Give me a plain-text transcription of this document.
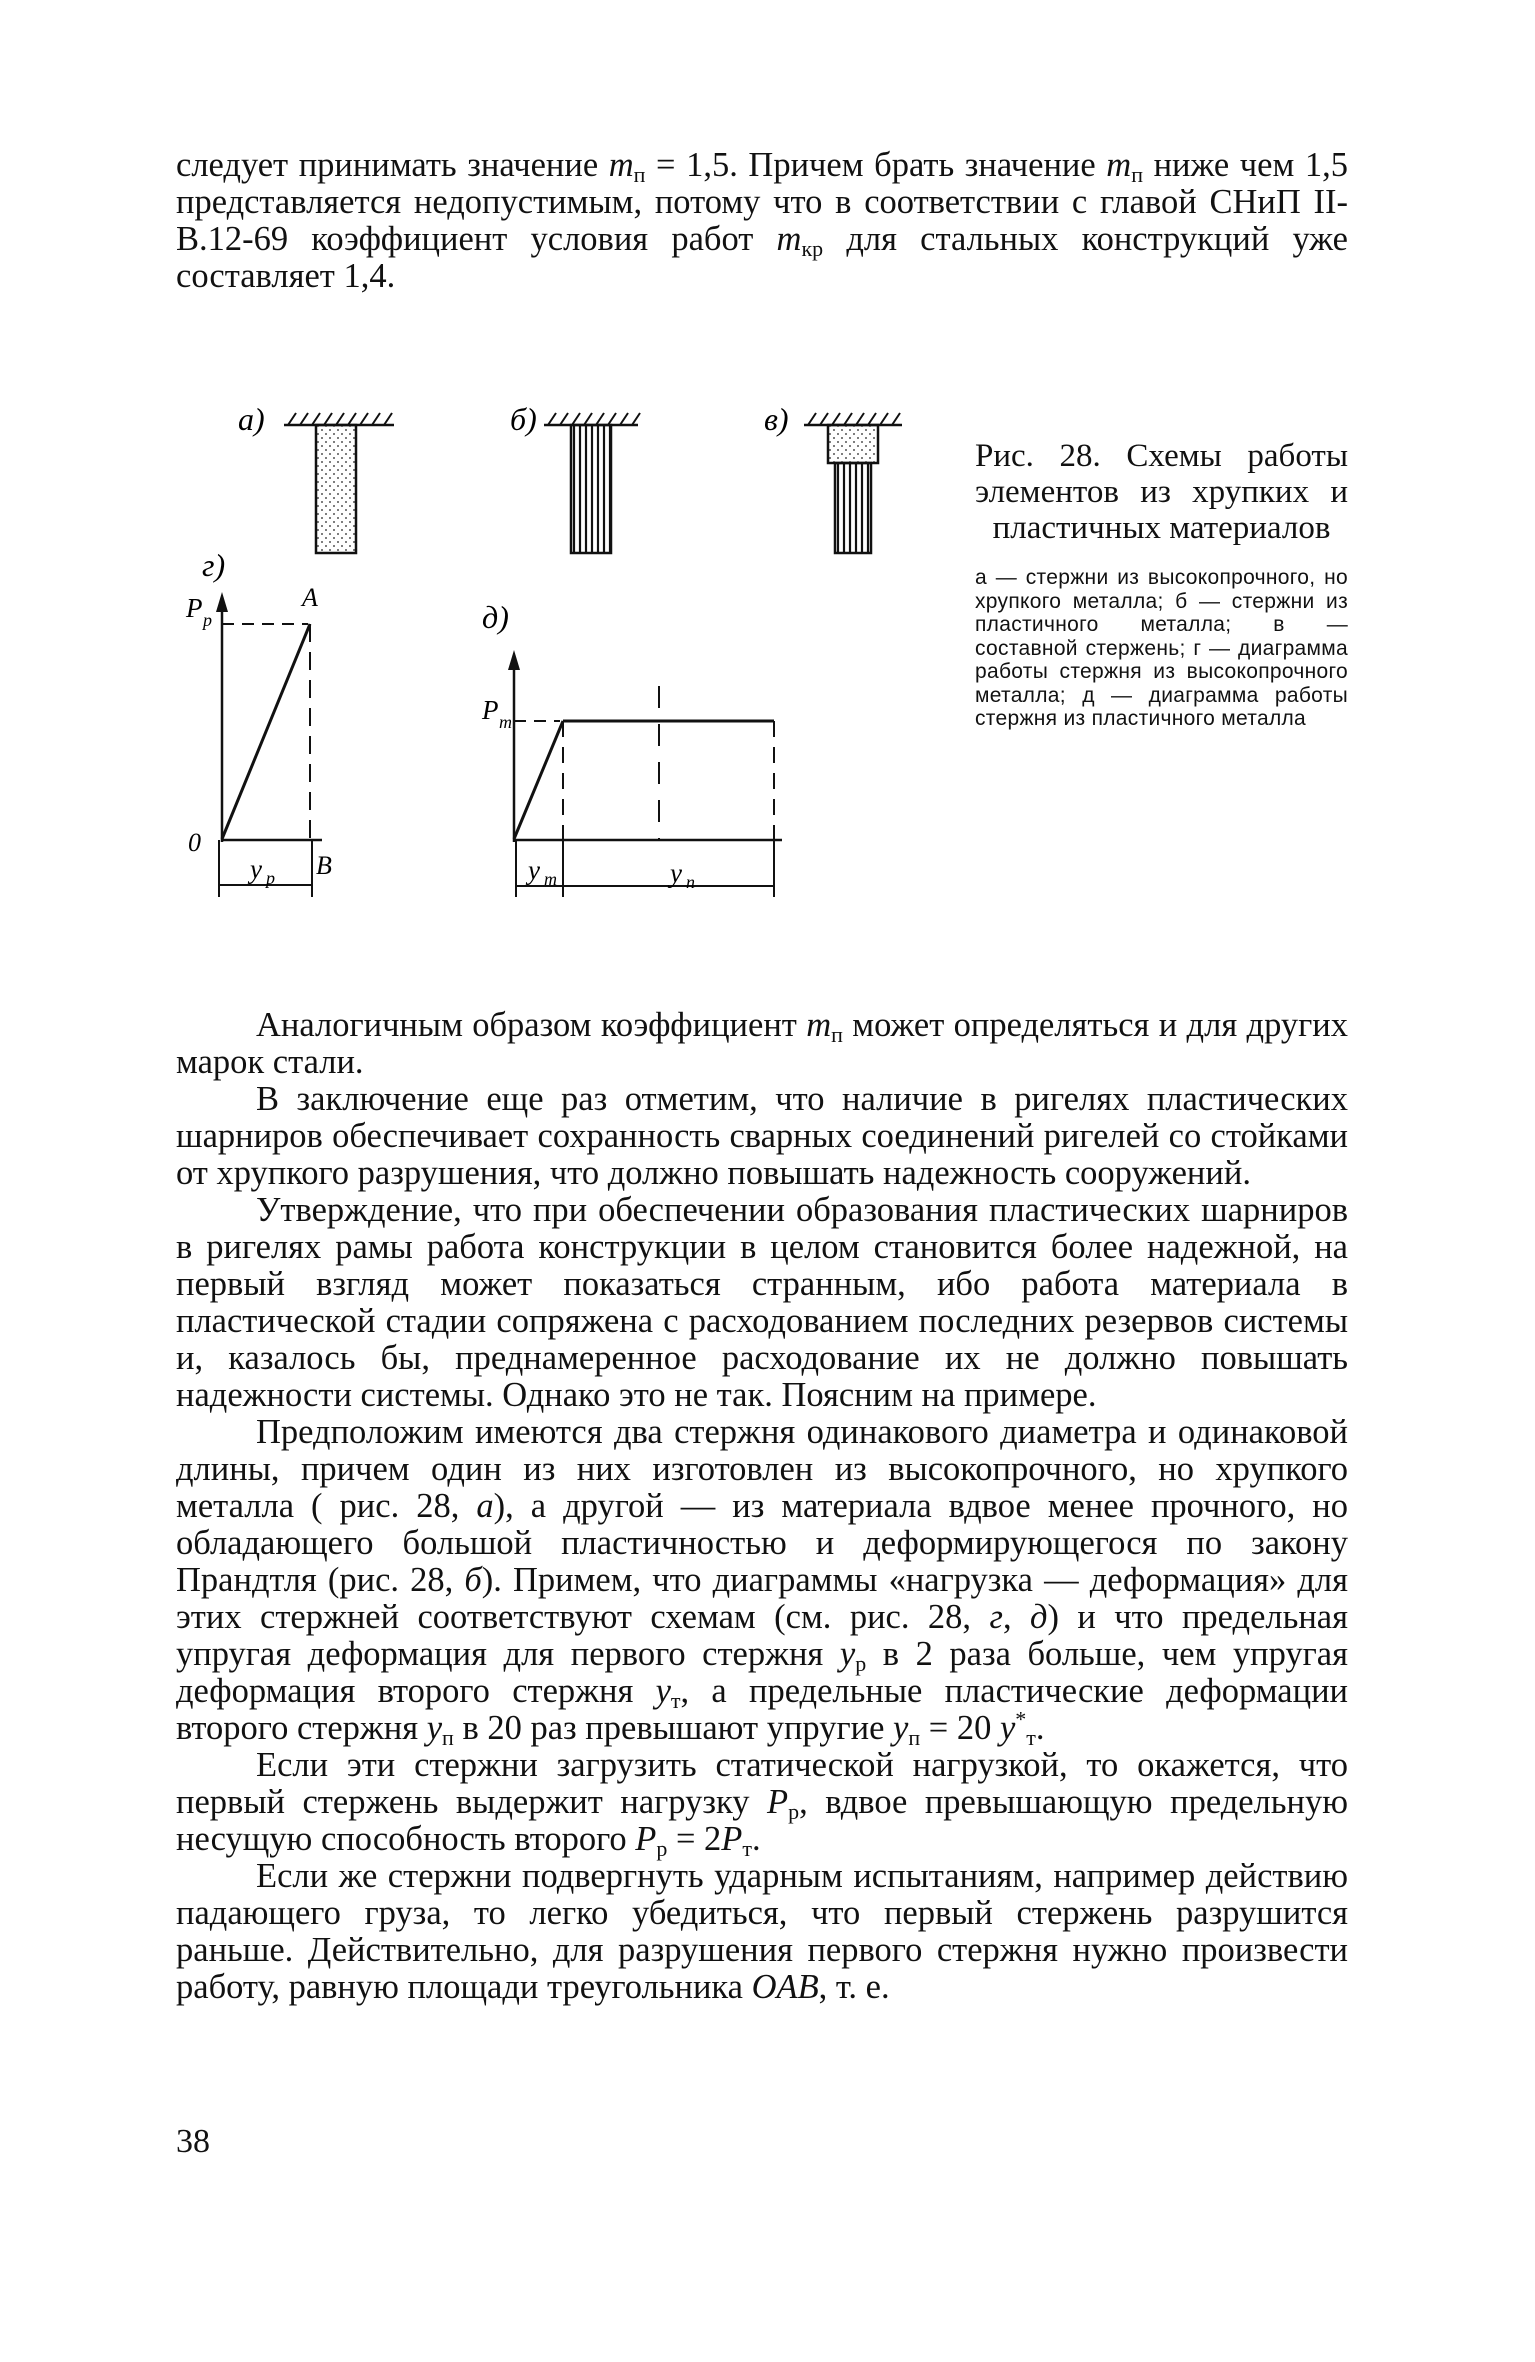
следует принимать значение $m_п = 1,5$. Причем брать значение $m_п$ ниже чем 1,5 представляется недопустимым, потому что в соответствии с главой СНиП II-В.12-69 коэффициент условия работ $m_{кр}$ для стальных конструкций уже составляет 1,4.

а)	б)	в)
г)
P p
A
0
B
y p
д)
P т
y т	y п

Рис. 28. Схемы работы элементов из хрупких и пластичных материалов

а — стержни из высокопрочного, но хрупкого металла; б — стержни из пластичного металла; в — составной стержень; г — диаграмма работы стержня из высокопрочного металла; д — диаграмма работы стержня из пластичного металла

Аналогичным образом коэффициент $m_п$ может определяться и для других марок стали.

В заключение еще раз отметим, что наличие в ригелях пластических шарниров обеспечивает сохранность сварных соединений ригелей со стойками от хрупкого разрушения, что должно повышать надежность сооружений.

Утверждение, что при обеспечении образования пластических шарниров в ригелях рамы работа конструкции в целом становится более надежной, на первый взгляд может показаться странным, ибо работа материала в пластической стадии сопряжена с расходованием последних резервов системы и, казалось бы, преднамеренное расходование их не должно повышать надежности системы. Однако это не так. Поясним на примере.

Предположим имеются два стержня одинакового диаметра и одинаковой длины, причем один из них изготовлен из высокопрочного, но хрупкого металла ( рис. 28, а), а другой — из материала вдвое менее прочного, но обладающего большой пластичностью и деформирующегося по закону Прандтля (рис. 28, б). Примем, что диаграммы «нагрузка — деформация» для этих стержней соответствуют схемам (см. рис. 28, г, д) и что предельная упругая деформация для первого стержня $y_p$ в 2 раза больше, чем упругая деформация второго стержня $y_т$, а предельные пластические деформации второго стержня $y_п$ в 20 раз превышают упругие $y_п = 20$ $y^*_т$.

Если эти стержни загрузить статической нагрузкой, то окажется, что первый стержень выдержит нагрузку $P_p$, вдвое превышающую предельную несущую способность второго $P_p = 2P_т$.

Если же стержни подвергнуть ударным испытаниям, например действию падающего груза, то легко убедиться, что первый стержень разрушится раньше. Действительно, для разрушения первого стержня нужно произвести работу, равную площади треугольника OAB, т. е.

38
